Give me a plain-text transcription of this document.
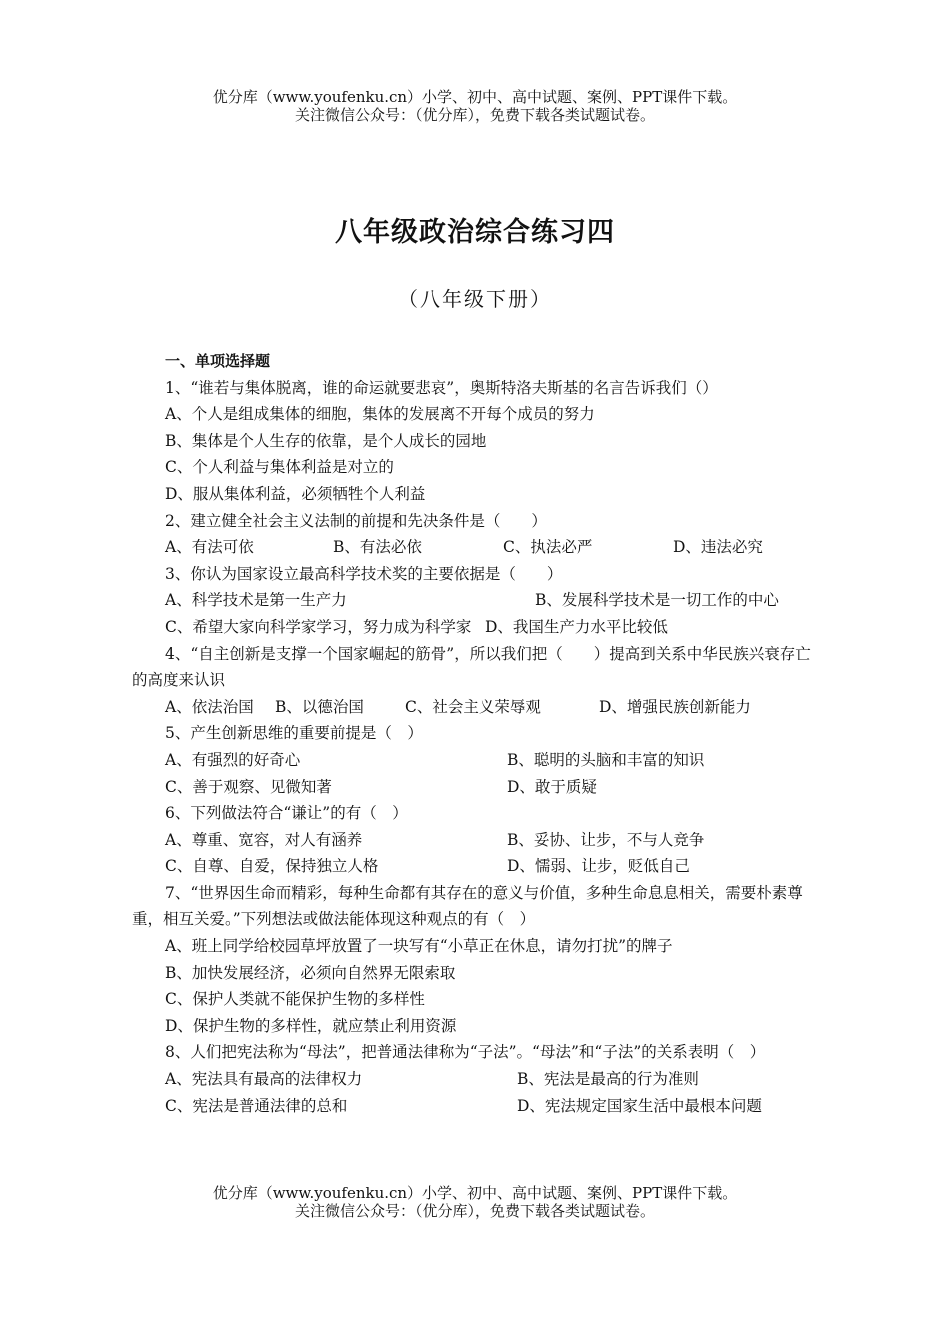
优分库（www.youfenku.cn）小学、初中、高中试题、案例、PPT课件下载。
关注微信公众号：（优分库），免费下载各类试题试卷。
八年级政治综合练习四
（八年级下册）
一、单项选择题
1、“谁若与集体脱离，谁的命运就要悲哀”，奥斯特洛夫斯基的名言告诉我们（）
A、个人是组成集体的细胞，集体的发展离不开每个成员的努力
B、集体是个人生存的依靠，是个人成长的园地
C、个人利益与集体利益是对立的
D、服从集体利益，必须牺牲个人利益
2、建立健全社会主义法制的前提和先决条件是（　　）
A、有法可依	B、有法必依	C、执法必严	D、违法必究
3、你认为国家设立最高科学技术奖的主要依据是（　　）
A、科学技术是第一生产力	B、发展科学技术是一切工作的中心
C、希望大家向科学家学习，努力成为科学家 D、我国生产力水平比较低
4、“自主创新是支撑一个国家崛起的筋骨”，所以我们把（　　）提高到关系中华民族兴衰存亡的高度来认识
A、依法治国	B、以德治国	C、社会主义荣辱观	D、增强民族创新能力
5、产生创新思维的重要前提是（　）
A、有强烈的好奇心	B、聪明的头脑和丰富的知识
C、善于观察、见微知著	D、敢于质疑
6、下列做法符合“谦让”的有（　）
A、尊重、宽容，对人有涵养	B、妥协、让步，不与人竞争
C、自尊、自爱，保持独立人格	D、懦弱、让步，贬低自己
7、“世界因生命而精彩，每种生命都有其存在的意义与价值，多种生命息息相关，需要朴素尊重，相互关爱。”下列想法或做法能体现这种观点的有（　）
A、班上同学给校园草坪放置了一块写有“小草正在休息，请勿打扰”的牌子
B、加快发展经济，必须向自然界无限索取
C、保护人类就不能保护生物的多样性
D、保护生物的多样性，就应禁止利用资源
8、人们把宪法称为“母法”，把普通法律称为“子法”。“母法”和“子法”的关系表明（　）
A、宪法具有最高的法律权力	B、宪法是最高的行为准则
C、宪法是普通法律的总和	D、宪法规定国家生活中最根本问题
优分库（www.youfenku.cn）小学、初中、高中试题、案例、PPT课件下载。
关注微信公众号：（优分库），免费下载各类试题试卷。
